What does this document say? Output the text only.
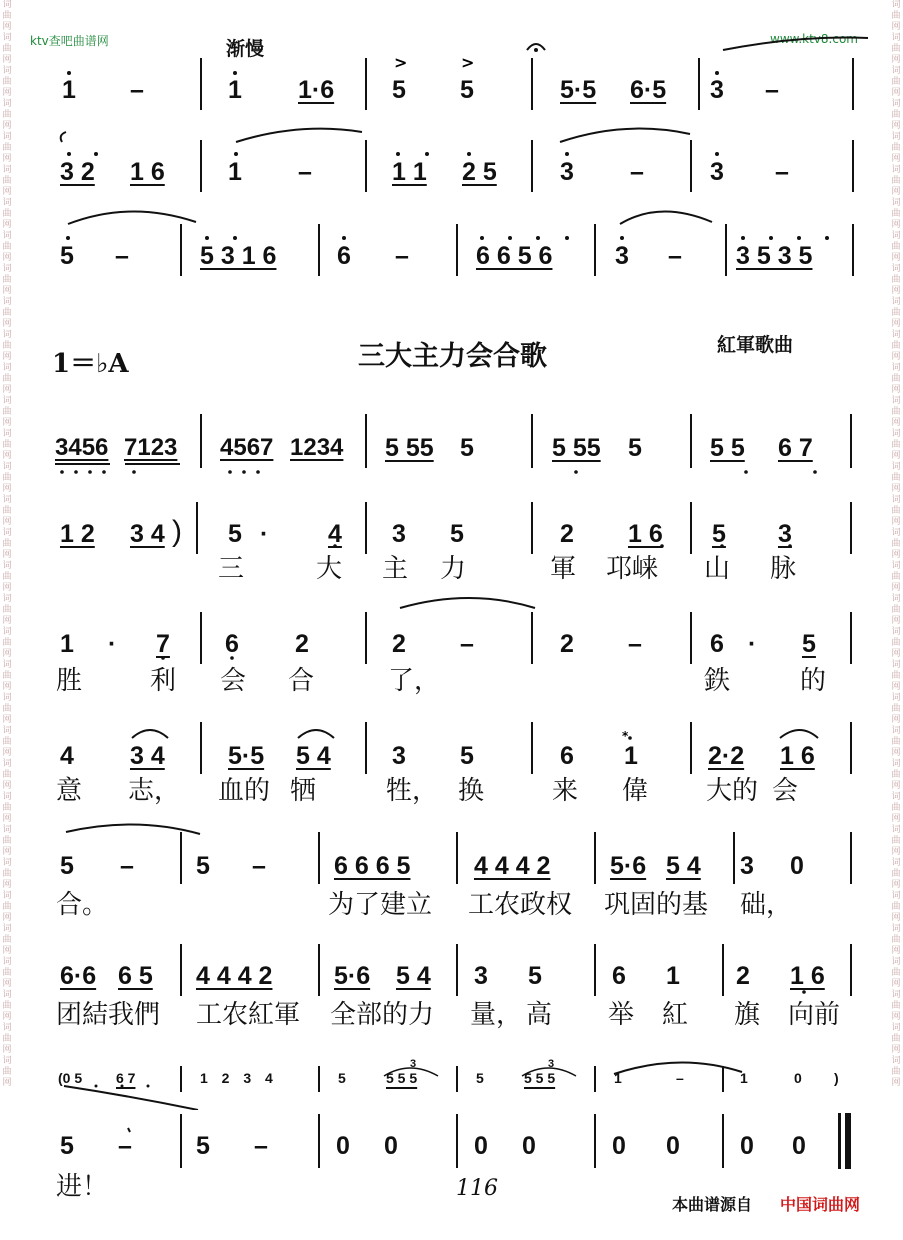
词曲网词曲网词曲网词曲网词曲网词曲网词曲网词曲网词曲网词曲网词曲网词曲网词曲网词曲网词曲网词曲网词曲网词曲网词曲网词曲网词曲网词曲网词曲网词曲网词曲网词曲网词曲网词曲网词曲网词曲网词曲网词曲网词曲网
词曲网词曲网词曲网词曲网词曲网词曲网词曲网词曲网词曲网词曲网词曲网词曲网词曲网词曲网词曲网词曲网词曲网词曲网词曲网词曲网词曲网词曲网词曲网词曲网词曲网词曲网词曲网词曲网词曲网词曲网词曲网词曲网词曲网
ktv查吧曲谱网	www.ktv8.com
渐慢
>	>
1 –	1 1·6 5 5	5·5 6·5 3 –
3 2 1 6	1 –	1 1 2 5	3 –	3 –
5 –	5 3 1 6 6 –	6 6 5 6	3 – 3 5 3 5
1＝♭A	三大主力会合歌	紅軍歌曲
3456 7123 4567 1234 5 55 5	5 55 5	5 5 6 7
1 2 3 4 ) 5 · 4 3 5	2 1 6 5 3
三	大 主 力	軍 邛崃 山 脉
1 · 7 6 2	2 –	2 –	6 · 5
胜	利 会 合	了，	鉄	的
*
4 3 4	5·5 5 4 3 5	6 1	2·2 1 6
意 志， 血的 牺	牲， 换	来 偉 大的 会
5 – 5 –	6 6 6 5	4 4 4 2 5·6 5 4 3 0
合。	为了建立 工农政权 巩固的基 础，
6·6 6 5 4 4 4 2 5·6 5 4 3 5	6 1 2 1 6
团結我們 工农紅軍 全部的力 量， 高 举 紅 旗 向前
3	3
(0 5 6 7	1 2 3 4	5	5 5 5	5	5 5 5	1	–	1	0 )
5 –	5 –	0 0	0 0	0 0 0 0
进！	116
本曲谱源自 中国词曲网
